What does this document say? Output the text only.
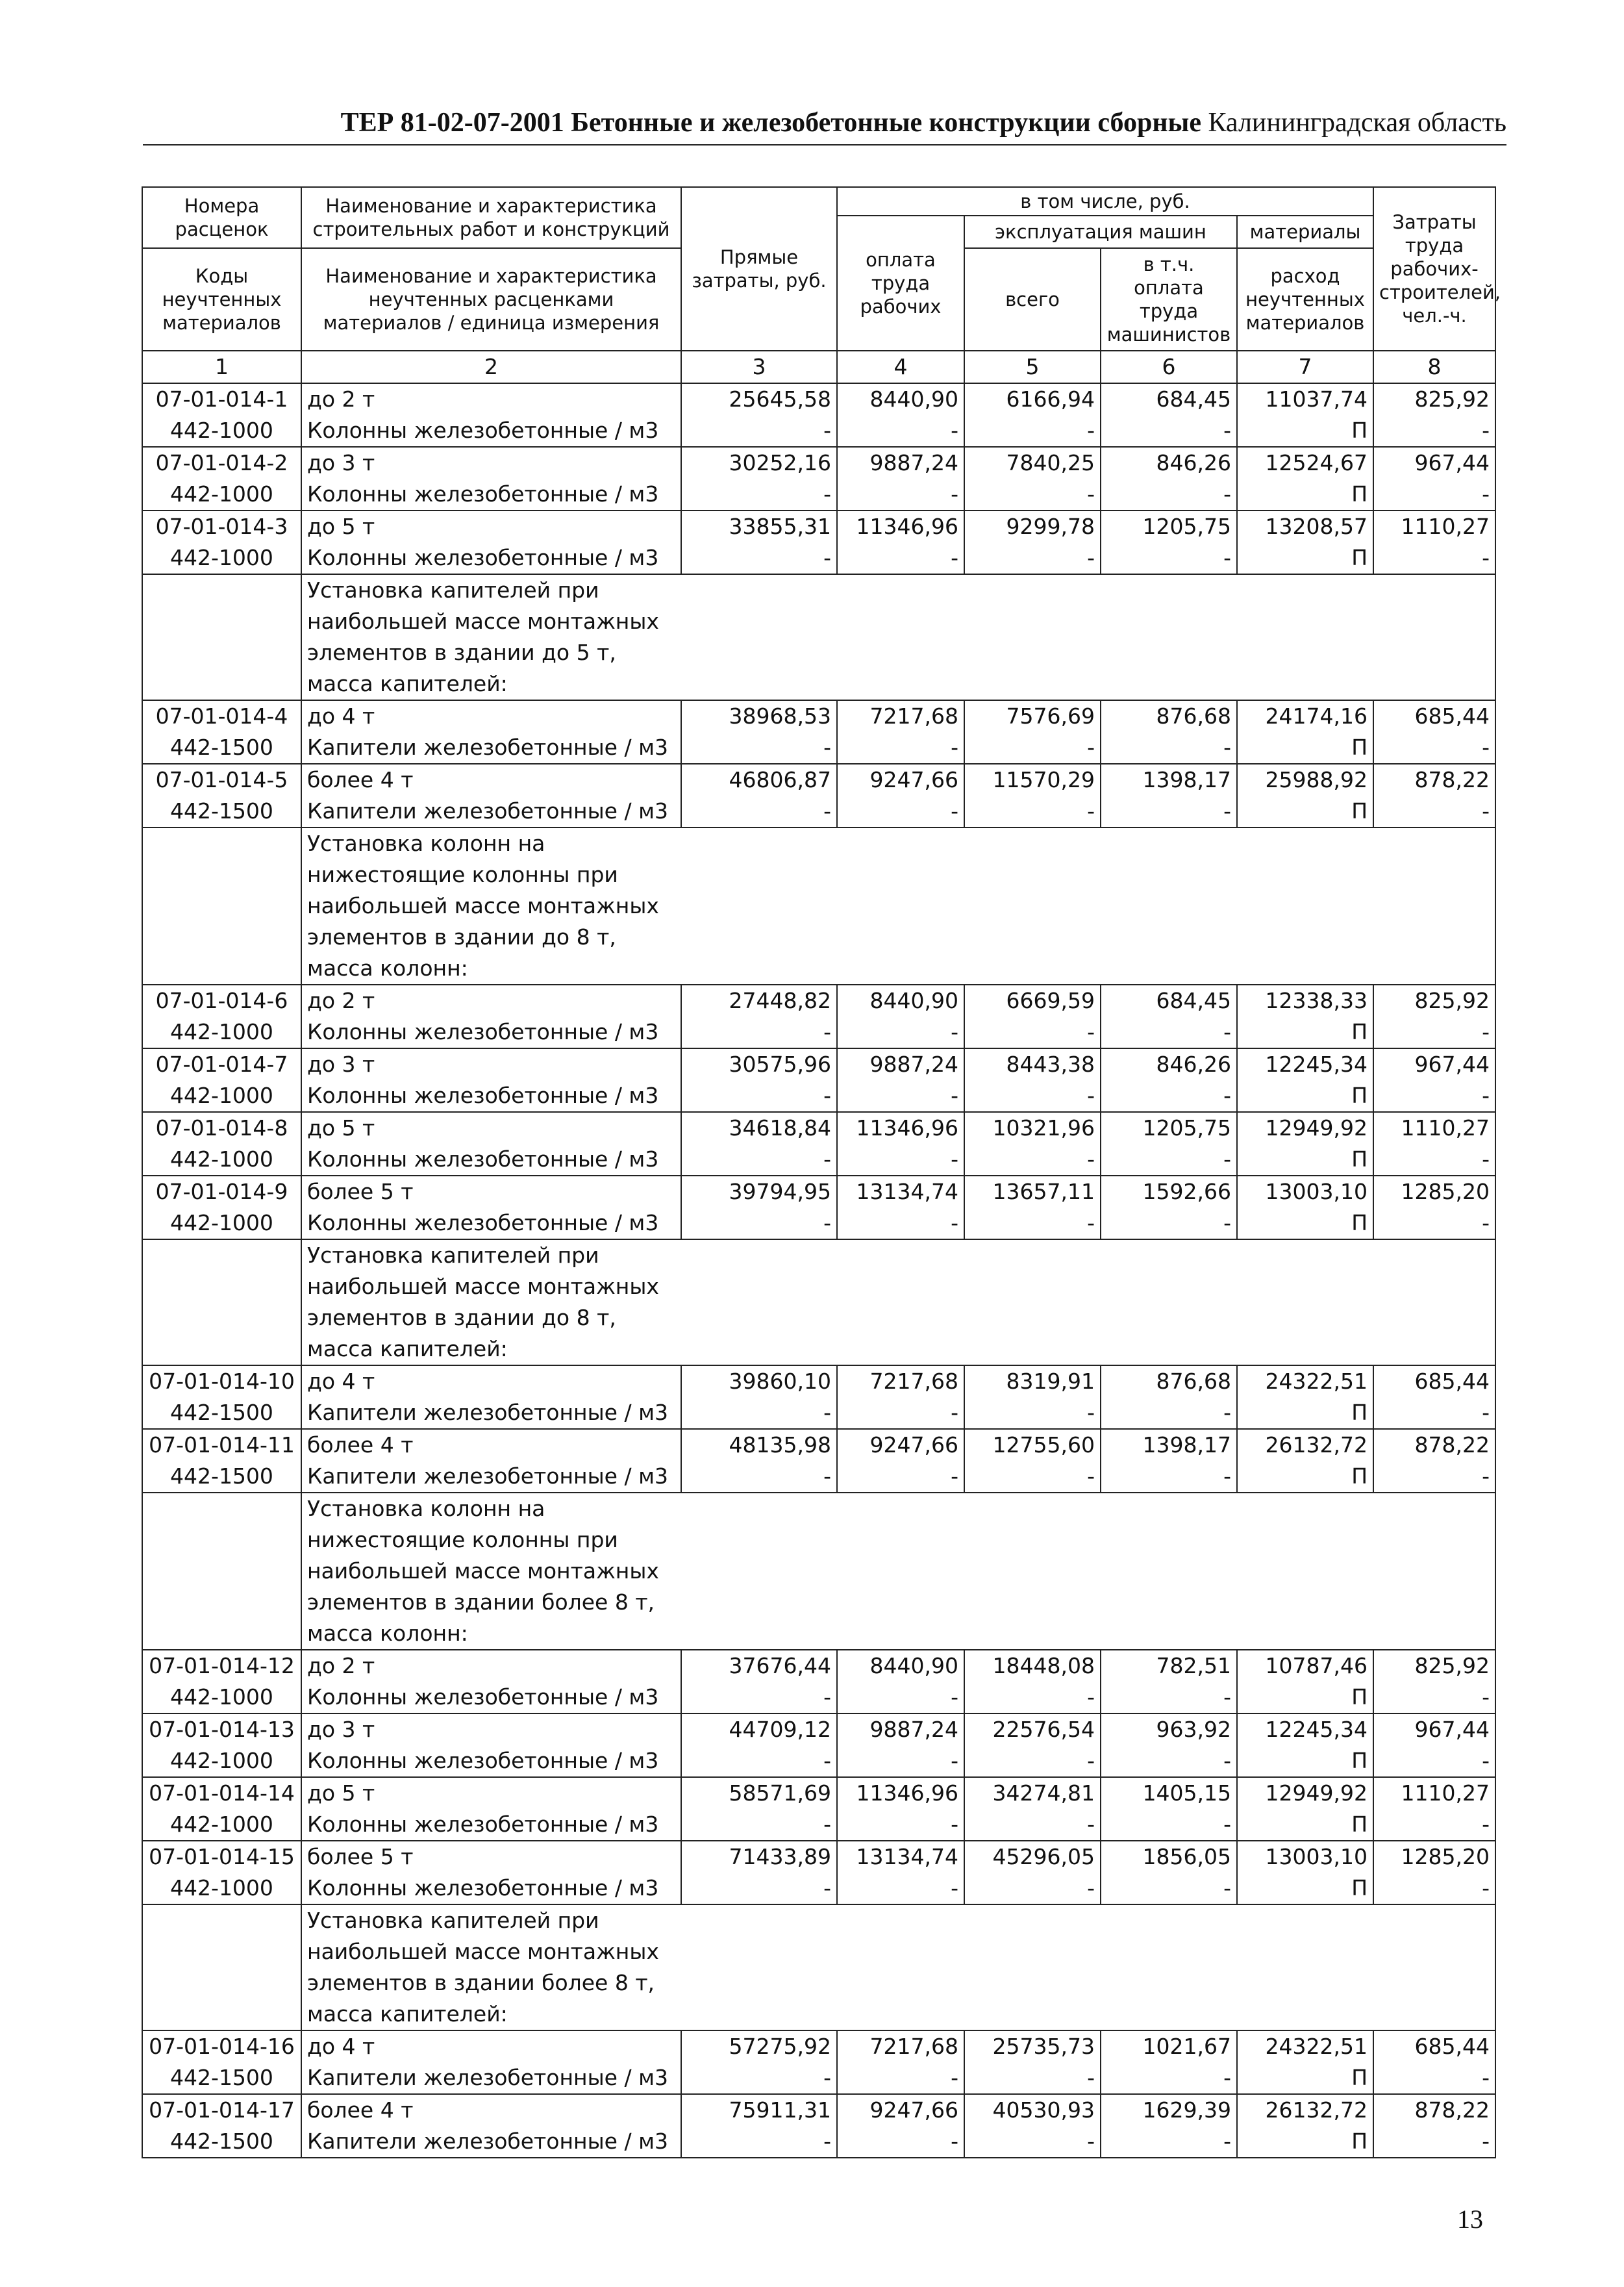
ТЕР 81-02-07-2001 Бетонные и железобетонные конструкции сборные Калининградская область
Номера расценок	Наименование и характеристика строительных работ и конструкций	Прямые затраты, руб.	в том числе, руб.				Затраты труда рабочих-строителей, чел.-ч.
			оплата труда рабочих	эксплуатация машин		материалы	
Коды неучтенных материалов	Наименование и характеристика неучтенных расценками материалов / единица измерения			всего	в т.ч. оплата труда машинистов	расход неучтенных материалов	

1	2	3	4	5	6	7	8
07-01-014-1	до 2 т	25645,58	8440,90	6166,94	684,45	11037,74	825,92
442-1000	Колонны железобетонные / м3	-	-	-	-	П	-
07-01-014-2	до 3 т	30252,16	9887,24	7840,25	846,26	12524,67	967,44
442-1000	Колонны железобетонные / м3	-	-	-	-	П	-
07-01-014-3	до 5 т	33855,31	11346,96	9299,78	1205,75	13208,57	1110,27
442-1000	Колонны железобетонные / м3	-	-	-	-	П	-

	Установка капителей при наибольшей массе монтажных элементов в здании до 5 т, масса капителей:						

07-01-014-4	до 4 т	38968,53	7217,68	7576,69	876,68	24174,16	685,44
442-1500	Капители железобетонные / м3	-	-	-	-	П	-
07-01-014-5	более 4 т	46806,87	9247,66	11570,29	1398,17	25988,92	878,22
442-1500	Капители железобетонные / м3	-	-	-	-	П	-

	Установка колонн на нижестоящие колонны при наибольшей массе монтажных элементов в здании до 8 т, масса колонн:						

07-01-014-6	до 2 т	27448,82	8440,90	6669,59	684,45	12338,33	825,92
442-1000	Колонны железобетонные / м3	-	-	-	-	П	-
07-01-014-7	до 3 т	30575,96	9887,24	8443,38	846,26	12245,34	967,44
442-1000	Колонны железобетонные / м3	-	-	-	-	П	-
07-01-014-8	до 5 т	34618,84	11346,96	10321,96	1205,75	12949,92	1110,27
442-1000	Колонны железобетонные / м3	-	-	-	-	П	-
07-01-014-9	более 5 т	39794,95	13134,74	13657,11	1592,66	13003,10	1285,20
442-1000	Колонны железобетонные / м3	-	-	-	-	П	-

	Установка капителей при наибольшей массе монтажных элементов в здании до 8 т, масса капителей:						

07-01-014-10	до 4 т	39860,10	7217,68	8319,91	876,68	24322,51	685,44
442-1500	Капители железобетонные / м3	-	-	-	-	П	-
07-01-014-11	более 4 т	48135,98	9247,66	12755,60	1398,17	26132,72	878,22
442-1500	Капители железобетонные / м3	-	-	-	-	П	-

	Установка колонн на нижестоящие колонны при наибольшей массе монтажных элементов в здании более 8 т, масса колонн:						

07-01-014-12	до 2 т	37676,44	8440,90	18448,08	782,51	10787,46	825,92
442-1000	Колонны железобетонные / м3	-	-	-	-	П	-
07-01-014-13	до 3 т	44709,12	9887,24	22576,54	963,92	12245,34	967,44
442-1000	Колонны железобетонные / м3	-	-	-	-	П	-
07-01-014-14	до 5 т	58571,69	11346,96	34274,81	1405,15	12949,92	1110,27
442-1000	Колонны железобетонные / м3	-	-	-	-	П	-
07-01-014-15	более 5 т	71433,89	13134,74	45296,05	1856,05	13003,10	1285,20
442-1000	Колонны железобетонные / м3	-	-	-	-	П	-

	Установка капителей при наибольшей массе монтажных элементов в здании более 8 т, масса капителей:						

07-01-014-16	до 4 т	57275,92	7217,68	25735,73	1021,67	24322,51	685,44
442-1500	Капители железобетонные / м3	-	-	-	-	П	-
07-01-014-17	более 4 т	75911,31	9247,66	40530,93	1629,39	26132,72	878,22
442-1500	Капители железобетонные / м3	-	-	-	-	П	-
13
